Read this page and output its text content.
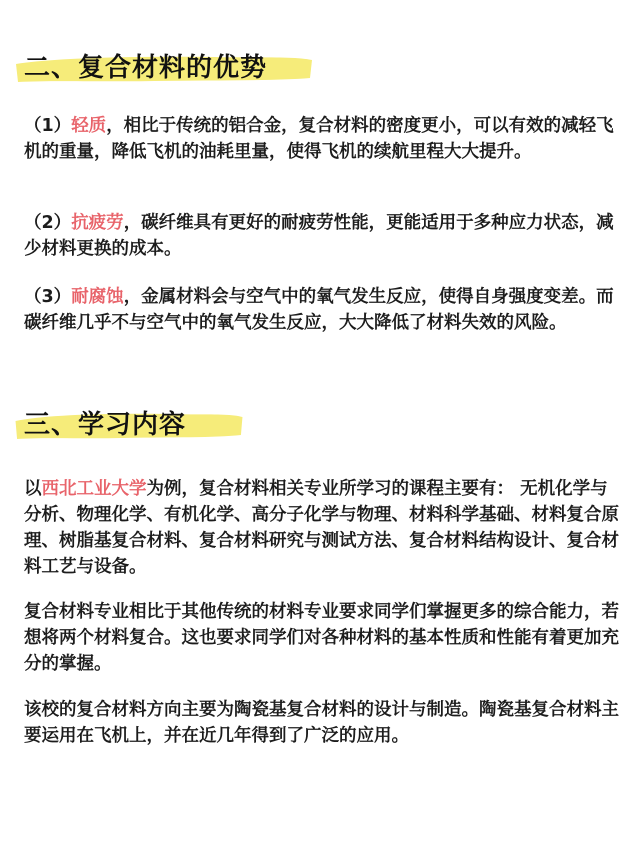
二、复合材料的优势

（1）轻质，相比于传统的铝合金，复合材料的密度更小，可以有效的减轻飞机的重量，降低飞机的油耗里量，使得飞机的续航里程大大提升。

（2）抗疲劳，碳纤维具有更好的耐疲劳性能，更能适用于多种应力状态，减少材料更换的成本。

（3）耐腐蚀，金属材料会与空气中的氧气发生反应，使得自身强度变差。而碳纤维几乎不与空气中的氧气发生反应，大大降低了材料失效的风险。

三、学习内容

以西北工业大学为例，复合材料相关专业所学习的课程主要有： 无机化学与分析、物理化学、有机化学、高分子化学与物理、材料科学基础、材料复合原理、树脂基复合材料、复合材料研究与测试方法、复合材料结构设计、复合材料工艺与设备。

复合材料专业相比于其他传统的材料专业要求同学们掌握更多的综合能力，若想将两个材料复合。这也要求同学们对各种材料的基本性质和性能有着更加充分的掌握。

该校的复合材料方向主要为陶瓷基复合材料的设计与制造。陶瓷基复合材料主要运用在飞机上，并在近几年得到了广泛的应用。
